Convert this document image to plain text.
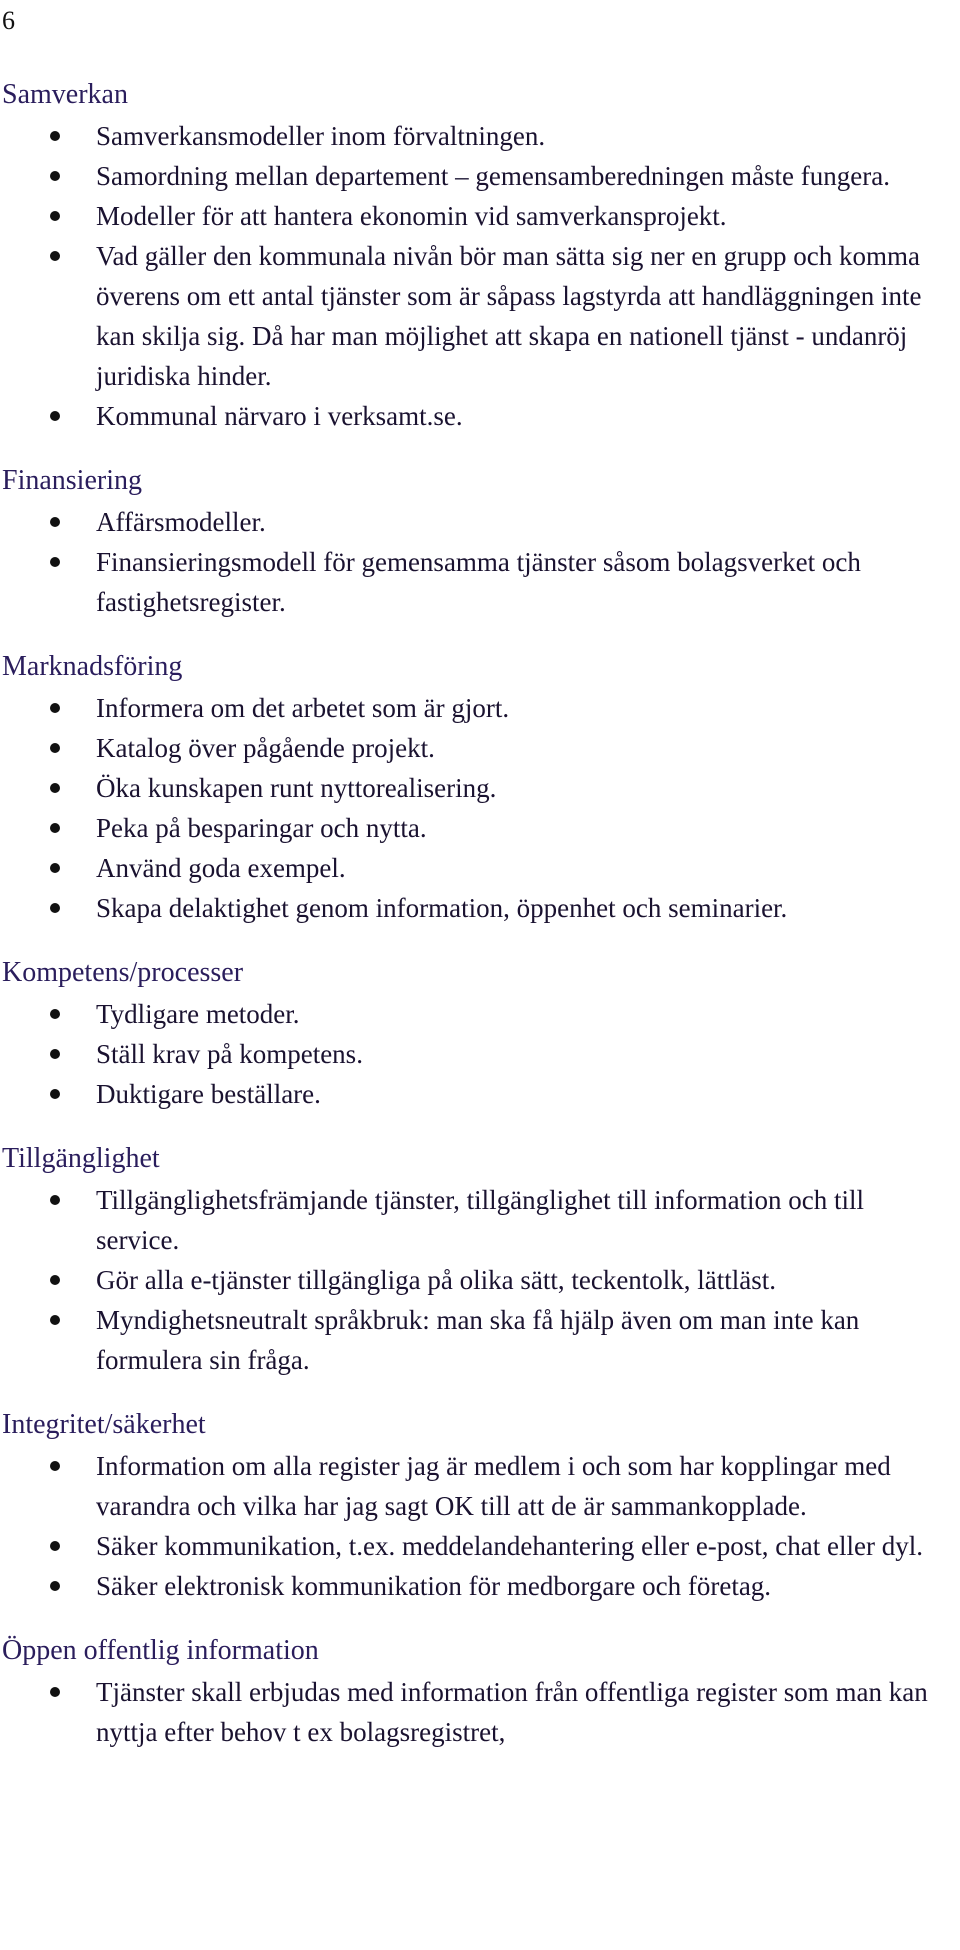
6
Samverkan
Samverkansmodeller inom förvaltningen.
Samordning mellan departement – gemensamberedningen måste fungera.
Modeller för att hantera ekonomin vid samverkansprojekt.
Vad gäller den kommunala nivån bör man sätta sig ner en grupp och komma överens om ett antal tjänster som är såpass lagstyrda att handläggningen inte kan skilja sig. Då har man möjlighet att skapa en nationell tjänst - undanröj juridiska hinder.
Kommunal närvaro i verksamt.se.
Finansiering
Affärsmodeller.
Finansieringsmodell för gemensamma tjänster såsom bolagsverket och fastighetsregister.
Marknadsföring
Informera om det arbetet som är gjort.
Katalog över pågående projekt.
Öka kunskapen runt nyttorealisering.
Peka på besparingar och nytta.
Använd goda exempel.
Skapa delaktighet genom information, öppenhet och seminarier.
Kompetens/processer
Tydligare metoder.
Ställ krav på kompetens.
Duktigare beställare.
Tillgänglighet
Tillgänglighetsfrämjande tjänster, tillgänglighet till information och till service.
Gör alla e-tjänster tillgängliga på olika sätt, teckentolk, lättläst.
Myndighetsneutralt språkbruk: man ska få hjälp även om man inte kan formulera sin fråga.
Integritet/säkerhet
Information om alla register jag är medlem i och som har kopplingar med varandra och vilka har jag sagt OK till att de är sammankopplade.
Säker kommunikation, t.ex. meddelandehantering eller e-post, chat eller dyl.
Säker elektronisk kommunikation för medborgare och företag.
Öppen offentlig information
Tjänster skall erbjudas med information från offentliga register som man kan nyttja efter behov t ex bolagsregistret,
